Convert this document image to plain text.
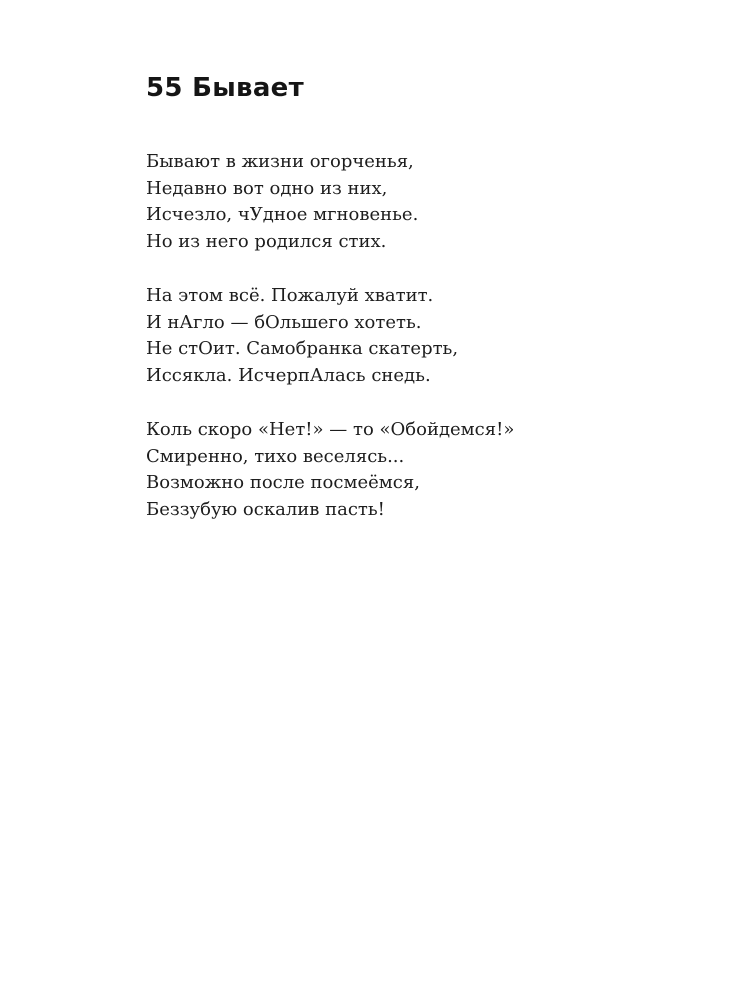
55 Бывает

Бывают в жизни огорченья,
Недавно вот одно из них,
Исчезло, чУдное мгновенье.
Но из него родился стих.

На этом всё. Пожалуй хватит.
И нАгло — бОльшего хотеть.
Не стОит. Самобранка скатерть,
Иссякла. ИсчерпАлась снедь.

Коль скоро «Нет!» — то «Обойдемся!»
Смиренно, тихо веселясь...
Возможно после посмеёмся,
Беззубую оскалив пасть!
